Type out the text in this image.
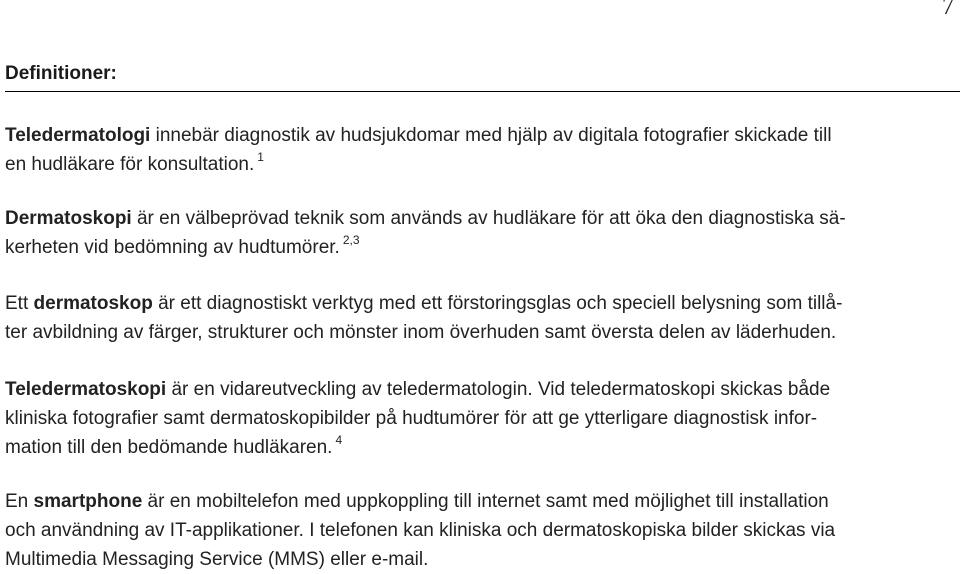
7
Definitioner:

Teledermatologi innebär diagnostik av hudsjukdomar med hjälp av digitala fotografier skickade till
en hudläkare för konsultation. $^1$

Dermatoskopi är en välbeprövad teknik som används av hudläkare för att öka den diagnostiska sä-
kerheten vid bedömning av hudtumörer. $^{2,3}$

Ett dermatoskop är ett diagnostiskt verktyg med ett förstoringsglas och speciell belysning som tillå-
ter avbildning av färger, strukturer och mönster inom överhuden samt översta delen av läderhuden.

Teledermatoskopi är en vidareutveckling av teledermatologin. Vid teledermatoskopi skickas både
kliniska fotografier samt dermatoskopibilder på hudtumörer för att ge ytterligare diagnostisk infor-
mation till den bedömande hudläkaren. $^4$

En smartphone är en mobiltelefon med uppkoppling till internet samt med möjlighet till installation
och användning av IT-applikationer. I telefonen kan kliniska och dermatoskopiska bilder skickas via
Multimedia Messaging Service (MMS) eller e-mail.
